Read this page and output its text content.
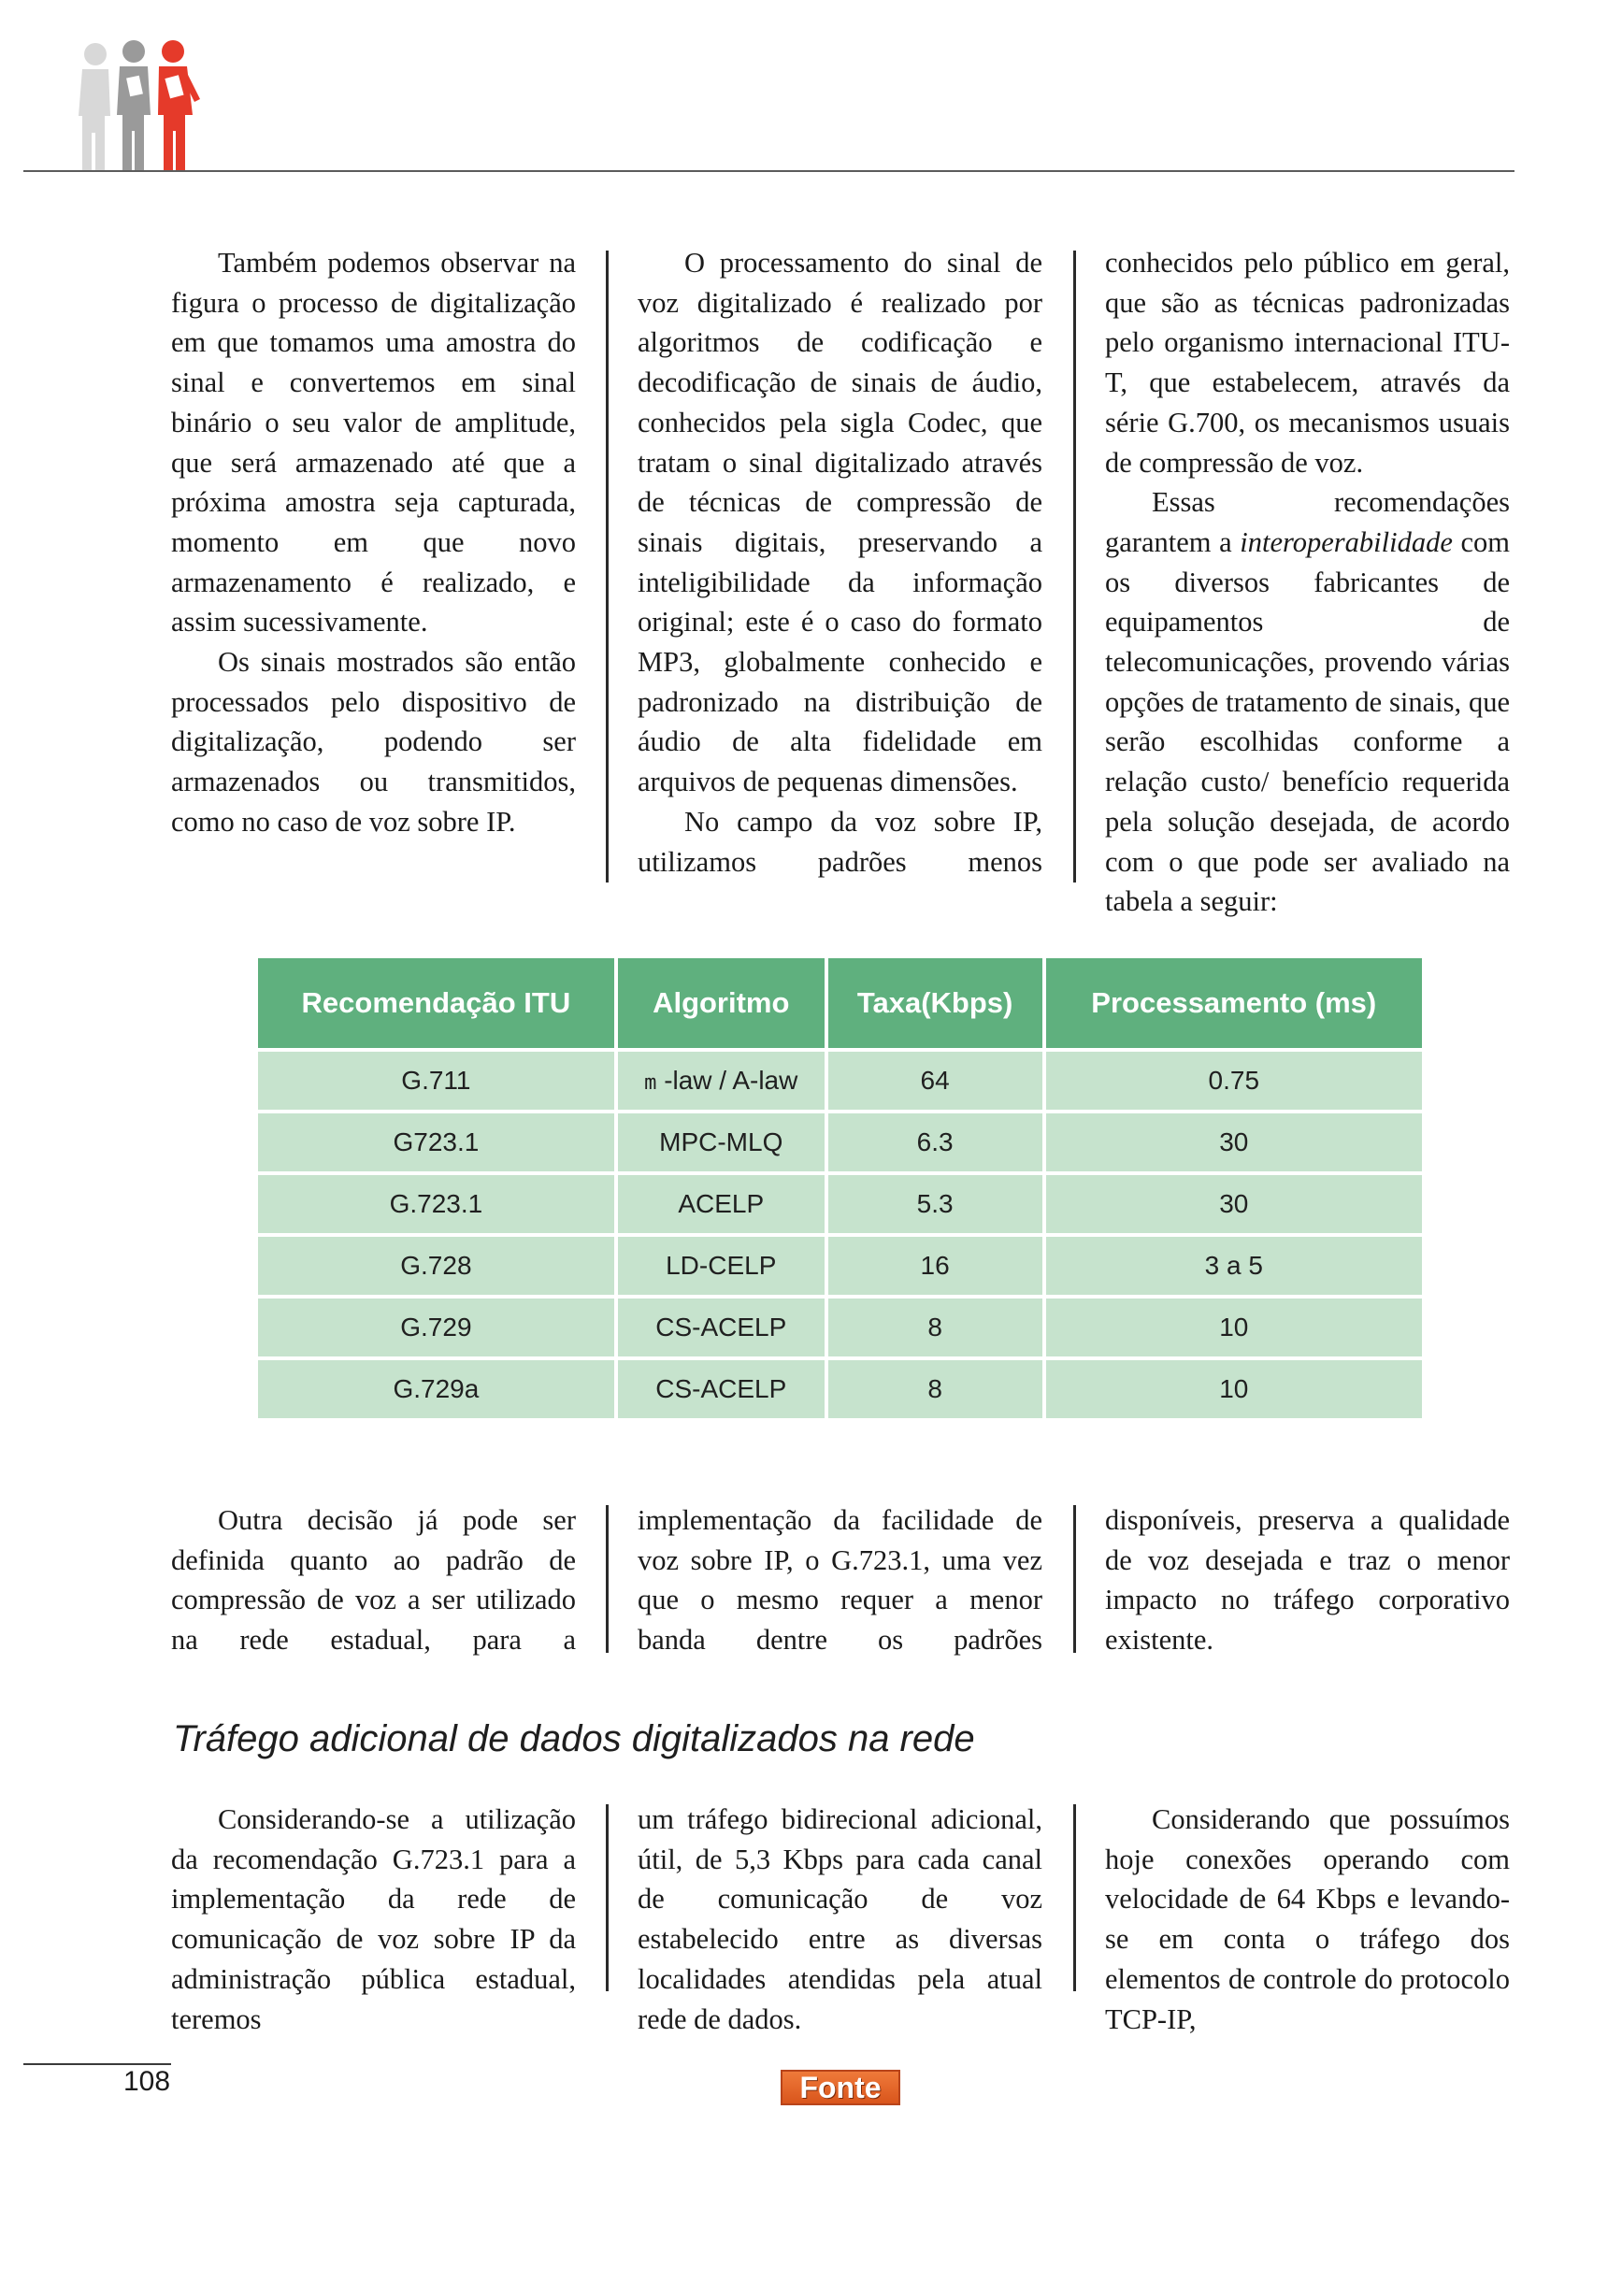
Também podemos observar na figura o processo de digitalização em que tomamos uma amostra do sinal e convertemos em sinal binário o seu valor de amplitude, que será armazenado até que a próxima amostra seja capturada, momento em que novo armazenamento é realizado, e assim sucessivamente.

Os sinais mostrados são então processados pelo dispositivo de digitalização, podendo ser armazenados ou transmitidos, como no caso de voz sobre IP.

O processamento do sinal de voz digitalizado é realizado por algoritmos de codificação e decodificação de sinais de áudio, conhecidos pela sigla Codec, que tratam o sinal digitalizado através de técnicas de compressão de sinais digitais, preservando a inteligibilidade da informação original; este é o caso do formato MP3, globalmente conhecido e padronizado na distribuição de áudio de alta fidelidade em arquivos de pequenas dimensões.

No campo da voz sobre IP, utilizamos padrões menos

conhecidos pelo público em geral, que são as técnicas padronizadas pelo organismo internacional ITU-T, que estabelecem, através da série G.700, os mecanismos usuais de compressão de voz.

Essas recomendações garantem a interoperabilidade com os diversos fabricantes de equipamentos de telecomunicações, provendo várias opções de tratamento de sinais, que serão escolhidas conforme a relação custo/ benefício requerida pela solução desejada, de acordo com o que pode ser avaliado na tabela a seguir:

Recomendação ITU	Algoritmo	Taxa(Kbps)	Processamento (ms)
G.711	m -law / A-law	64	0.75
G723.1	MPC-MLQ	6.3	30
G.723.1	ACELP	5.3	30
G.728	LD-CELP	16	3 a 5
G.729	CS-ACELP	8	10
G.729a	CS-ACELP	8	10

Outra decisão já pode ser definida quanto ao padrão de compressão de voz a ser utilizado na rede estadual, para a

implementação da facilidade de voz sobre IP, o G.723.1, uma vez que o mesmo requer a menor banda dentre os padrões

disponíveis, preserva a qualidade de voz desejada e traz o menor impacto no tráfego corporativo existente.

Tráfego adicional de dados digitalizados na rede

Considerando-se a utilização da recomendação G.723.1 para a implementação da rede de comunicação de voz sobre IP da administração pública estadual, teremos

um tráfego bidirecional adicional, útil, de 5,3 Kbps para cada canal de comunicação de voz estabelecido entre as diversas localidades atendidas pela atual rede de dados.

Considerando que possuímos hoje conexões operando com velocidade de 64 Kbps e levando-se em conta o tráfego dos elementos de controle do protocolo TCP-IP,

108	Fonte
